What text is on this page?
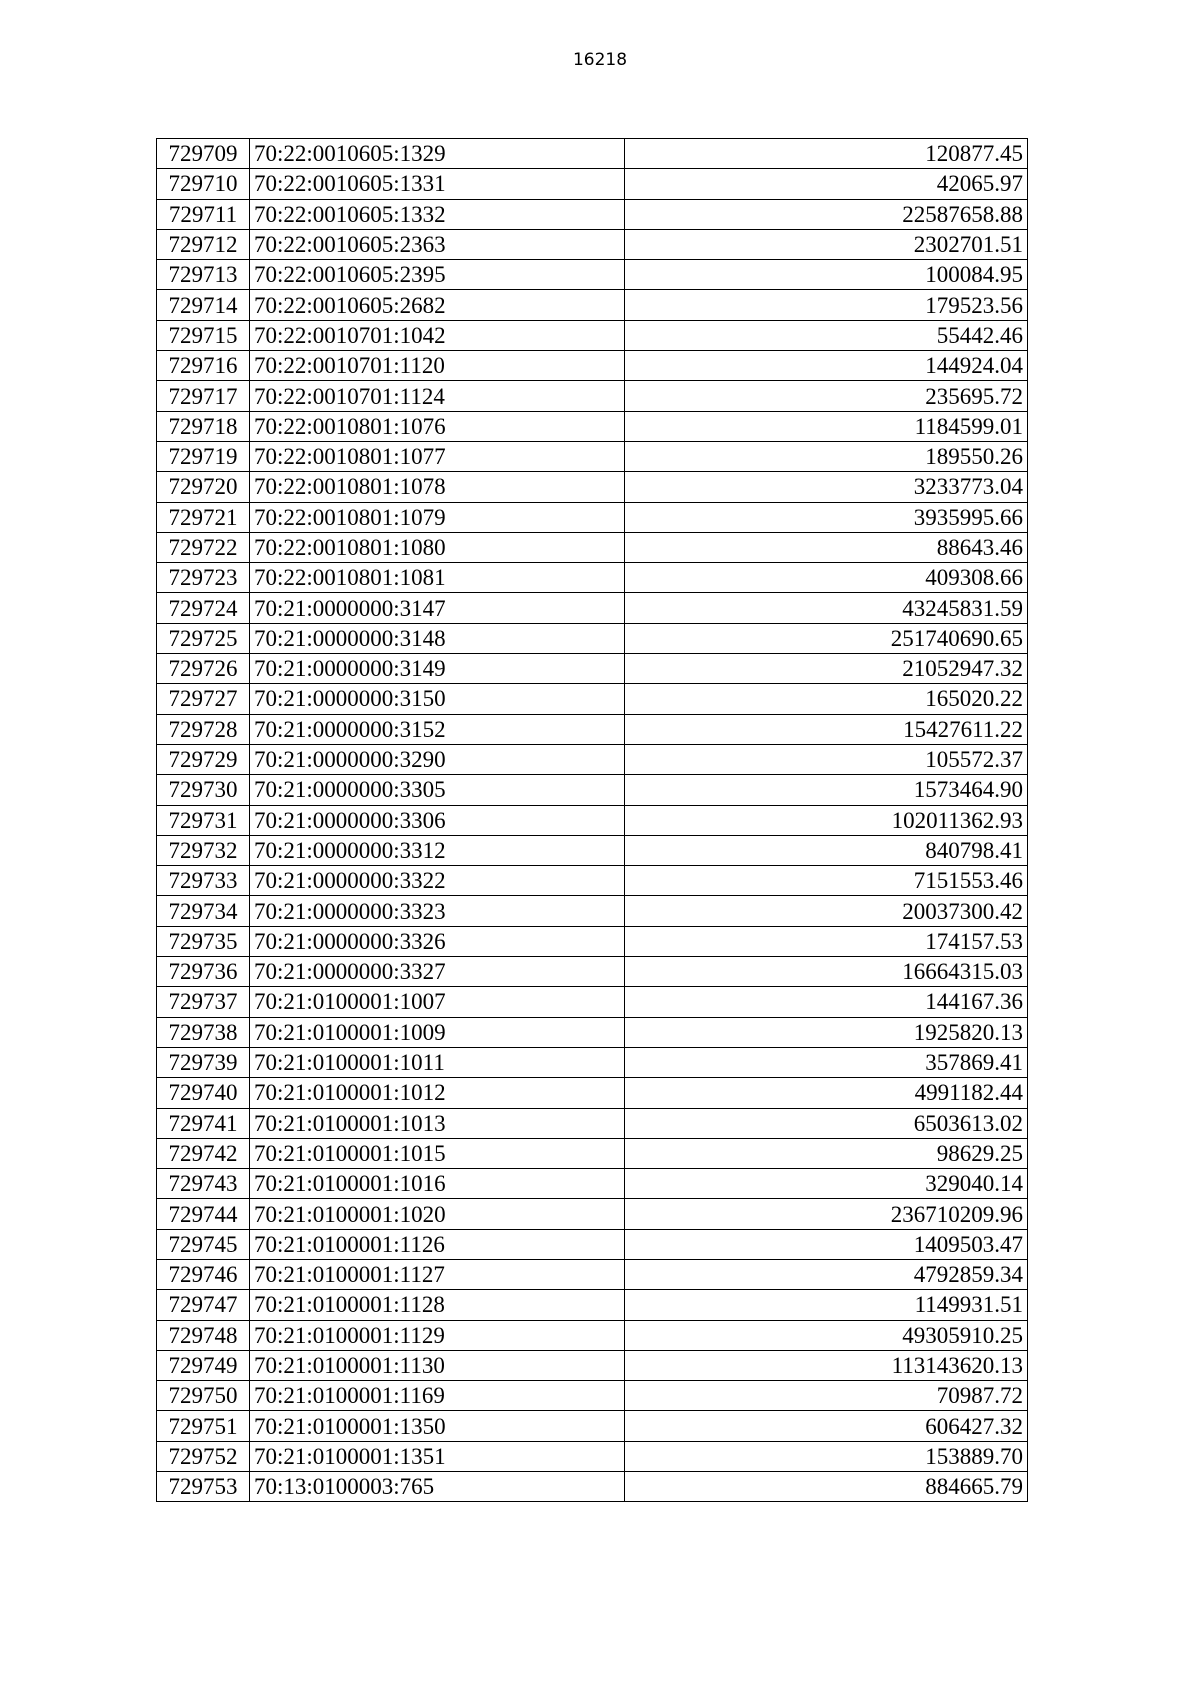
16218
729709	70:22:0010605:1329	120877.45
729710	70:22:0010605:1331	42065.97
729711	70:22:0010605:1332	22587658.88
729712	70:22:0010605:2363	2302701.51
729713	70:22:0010605:2395	100084.95
729714	70:22:0010605:2682	179523.56
729715	70:22:0010701:1042	55442.46
729716	70:22:0010701:1120	144924.04
729717	70:22:0010701:1124	235695.72
729718	70:22:0010801:1076	1184599.01
729719	70:22:0010801:1077	189550.26
729720	70:22:0010801:1078	3233773.04
729721	70:22:0010801:1079	3935995.66
729722	70:22:0010801:1080	88643.46
729723	70:22:0010801:1081	409308.66
729724	70:21:0000000:3147	43245831.59
729725	70:21:0000000:3148	251740690.65
729726	70:21:0000000:3149	21052947.32
729727	70:21:0000000:3150	165020.22
729728	70:21:0000000:3152	15427611.22
729729	70:21:0000000:3290	105572.37
729730	70:21:0000000:3305	1573464.90
729731	70:21:0000000:3306	102011362.93
729732	70:21:0000000:3312	840798.41
729733	70:21:0000000:3322	7151553.46
729734	70:21:0000000:3323	20037300.42
729735	70:21:0000000:3326	174157.53
729736	70:21:0000000:3327	16664315.03
729737	70:21:0100001:1007	144167.36
729738	70:21:0100001:1009	1925820.13
729739	70:21:0100001:1011	357869.41
729740	70:21:0100001:1012	4991182.44
729741	70:21:0100001:1013	6503613.02
729742	70:21:0100001:1015	98629.25
729743	70:21:0100001:1016	329040.14
729744	70:21:0100001:1020	236710209.96
729745	70:21:0100001:1126	1409503.47
729746	70:21:0100001:1127	4792859.34
729747	70:21:0100001:1128	1149931.51
729748	70:21:0100001:1129	49305910.25
729749	70:21:0100001:1130	113143620.13
729750	70:21:0100001:1169	70987.72
729751	70:21:0100001:1350	606427.32
729752	70:21:0100001:1351	153889.70
729753	70:13:0100003:765	884665.79
